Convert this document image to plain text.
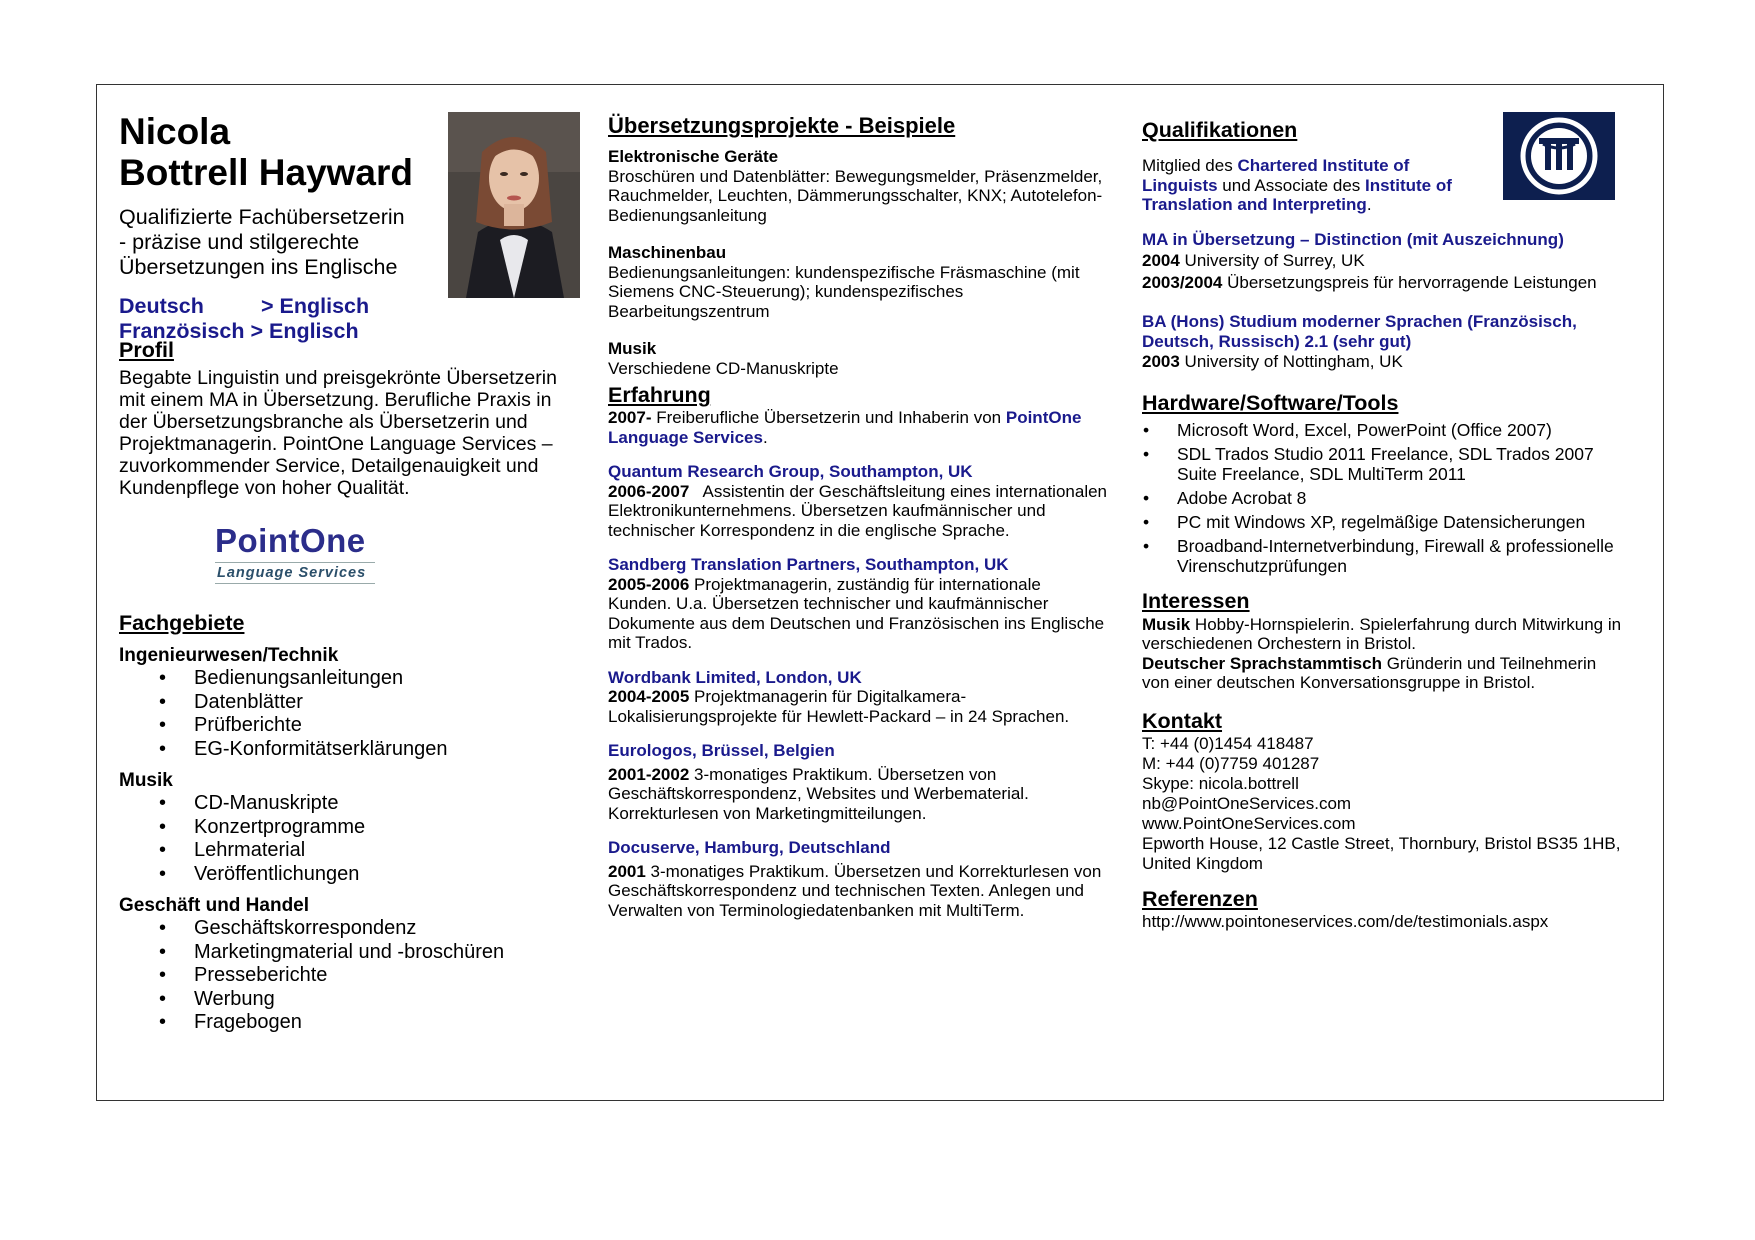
Nicola
Bottrell Hayward
Qualifizierte Fachübersetzerin
- präzise und stilgerechte
Übersetzungen ins Englische
Deutsch	> Englisch
Französisch > Englisch
Profil

Begabte Linguistin und preisgekrönte Übersetzerin mit einem MA in Übersetzung. Berufliche Praxis in der Übersetzungsbranche als Übersetzerin und Projektmanagerin. PointOne Language Services – zuvorkommender Service, Detailgenauigkeit und Kundenpflege von hoher Qualität.

PointOne
Language Services
Fachgebiete
Ingenieurwesen/Technik
• Bedienungsanleitungen
• Datenblätter
• Prüfberichte
• EG-Konformitätserklärungen
Musik
• CD-Manuskripte
• Konzertprogramme
• Lehrmaterial
• Veröffentlichungen
Geschäft und Handel
• Geschäftskorrespondenz
• Marketingmaterial und -broschüren
• Presseberichte
• Werbung
• Fragebogen
Übersetzungsprojekte - Beispiele
Elektronische Geräte
Broschüren und Datenblätter: Bewegungsmelder, Präsenzmelder, Rauchmelder, Leuchten, Dämmerungsschalter, KNX; Autotelefon-Bedienungsanleitung
Maschinenbau
Bedienungsanleitungen: kundenspezifische Fräsmaschine (mit Siemens CNC-Steuerung); kundenspezifisches Bearbeitungszentrum
Musik
Verschiedene CD-Manuskripte
Erfahrung
2007- Freiberufliche Übersetzerin und Inhaberin von PointOne Language Services.
Quantum Research Group, Southampton, UK
2006-2007   Assistentin der Geschäftsleitung eines internationalen Elektronikunternehmens. Übersetzen kaufmännischer und technischer Korrespondenz in die englische Sprache.
Sandberg Translation Partners, Southampton, UK
2005-2006 Projektmanagerin, zuständig für internationale Kunden. U.a. Übersetzen technischer und kaufmännischer Dokumente aus dem Deutschen und Französischen ins Englische mit Trados.
Wordbank Limited, London, UK
2004-2005 Projektmanagerin für Digitalkamera-Lokalisierungsprojekte für Hewlett-Packard – in 24 Sprachen.
Eurologos, Brüssel, Belgien
2001-2002 3-monatiges Praktikum. Übersetzen von Geschäftskorrespondenz, Websites und Werbematerial. Korrekturlesen von Marketingmitteilungen.
Docuserve, Hamburg, Deutschland
2001 3-monatiges Praktikum. Übersetzen und Korrekturlesen von Geschäftskorrespondenz und technischen Texten. Anlegen und Verwalten von Terminologiedatenbanken mit MultiTerm.
Qualifikationen
Mitglied des Chartered Institute of Linguists und Associate des Institute of Translation and Interpreting.
MA in Übersetzung – Distinction (mit Auszeichnung)
2004 University of Surrey, UK
2003/2004 Übersetzungspreis für hervorragende Leistungen
BA (Hons) Studium moderner Sprachen (Französisch, Deutsch, Russisch) 2.1 (sehr gut)
2003 University of Nottingham, UK
Hardware/Software/Tools
• Microsoft Word, Excel, PowerPoint (Office 2007)
• SDL Trados Studio 2011 Freelance, SDL Trados 2007 Suite Freelance, SDL MultiTerm 2011
• Adobe Acrobat 8
• PC mit Windows XP, regelmäßige Datensicherungen
• Broadband-Internetverbindung, Firewall & professionelle Virenschutzprüfungen
Interessen
Musik Hobby-Hornspielerin. Spielerfahrung durch Mitwirkung in verschiedenen Orchestern in Bristol.
Deutscher Sprachstammtisch Gründerin und Teilnehmerin von einer deutschen Konversationsgruppe in Bristol.
Kontakt
T: +44 (0)1454 418487
M: +44 (0)7759 401287
Skype: nicola.bottrell
nb@PointOneServices.com
www.PointOneServices.com
Epworth House, 12 Castle Street, Thornbury, Bristol BS35 1HB, United Kingdom
Referenzen
http://www.pointoneservices.com/de/testimonials.aspx
